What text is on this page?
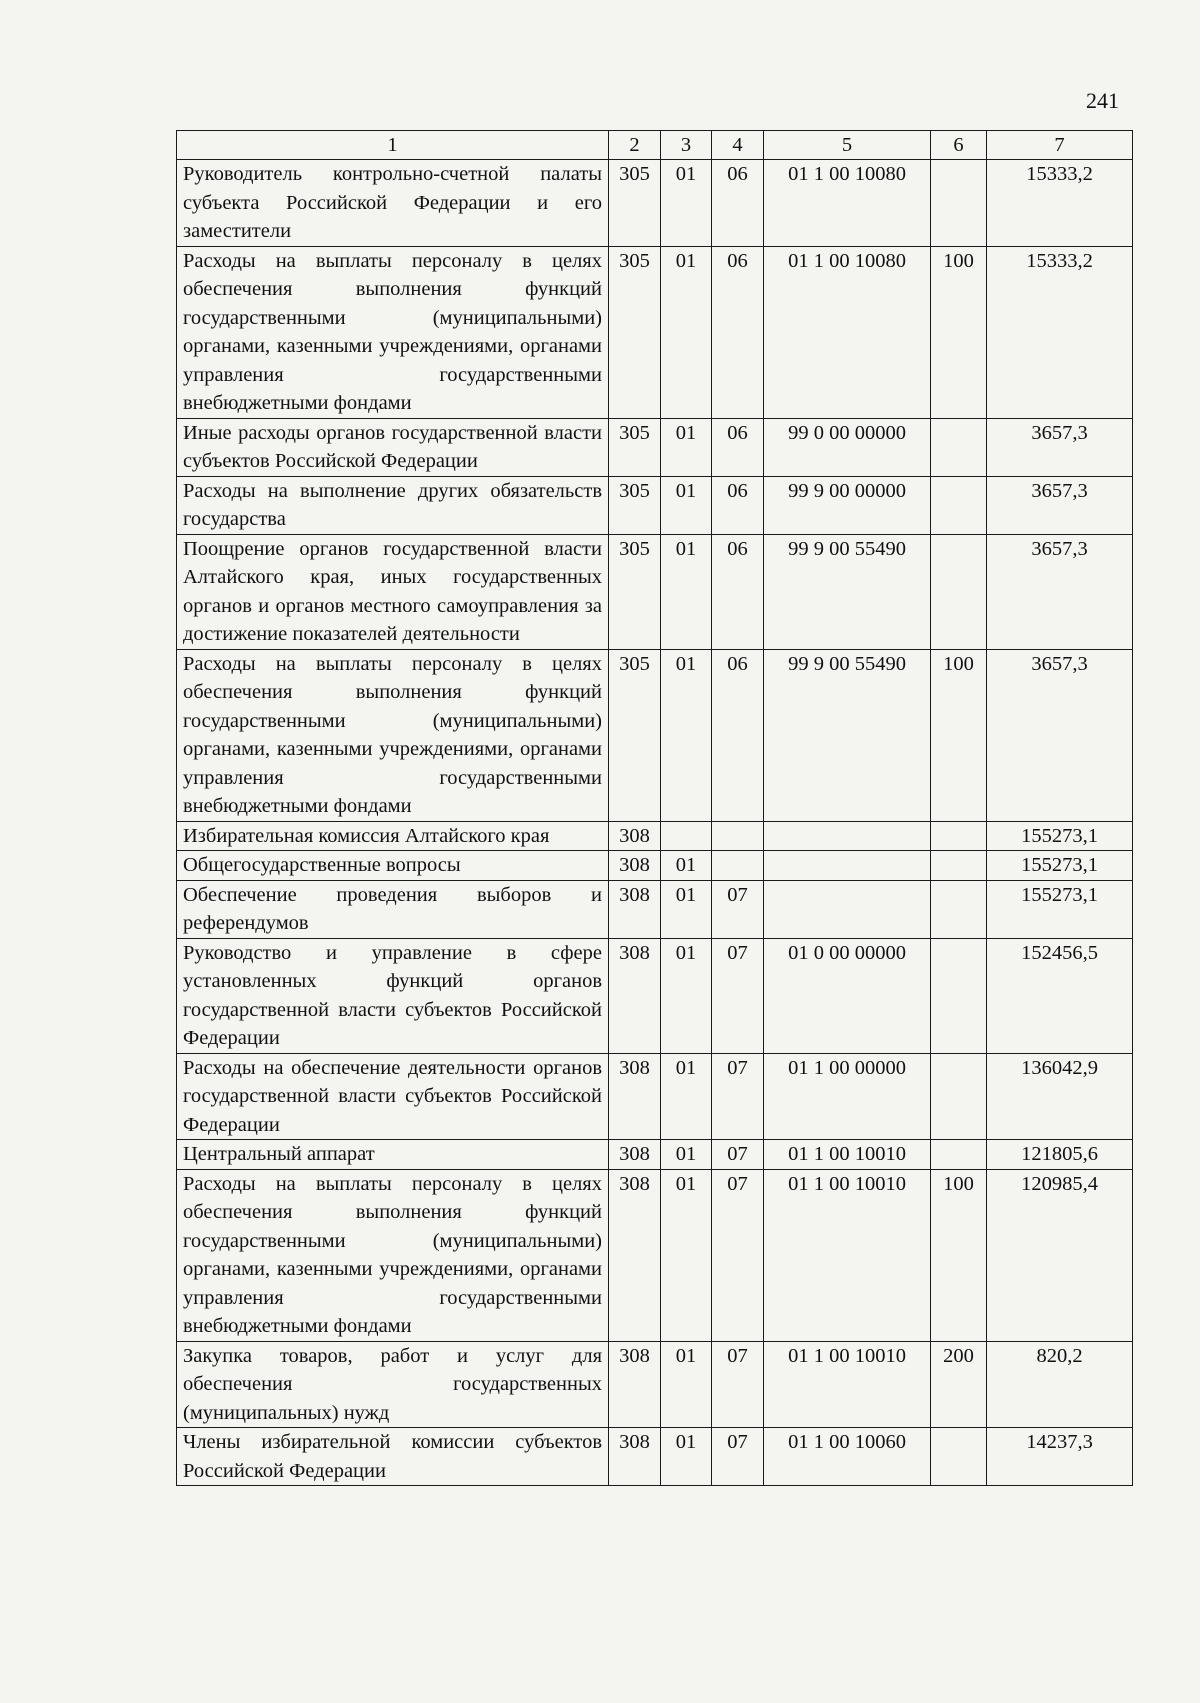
241
1	2	3	4	5	6	7
Руководитель контрольно-счетной палаты субъекта Российской Федерации и его заместители	305	01	06	01 1 00 10080		15333,2
Расходы на выплаты персоналу в целях обеспечения выполнения функций государственными (муниципальными) органами, казенными учреждениями, органами управления государственными внебюджетными фондами	305	01	06	01 1 00 10080	100	15333,2
Иные расходы органов государственной власти субъектов Российской Федерации	305	01	06	99 0 00 00000		3657,3
Расходы на выполнение других обязательств государства	305	01	06	99 9 00 00000		3657,3
Поощрение органов государственной власти Алтайского края, иных государственных органов и органов местного самоуправления за достижение показателей деятельности	305	01	06	99 9 00 55490		3657,3
Расходы на выплаты персоналу в целях обеспечения выполнения функций государственными (муниципальными) органами, казенными учреждениями, органами управления государственными внебюджетными фондами	305	01	06	99 9 00 55490	100	3657,3
Избирательная комиссия Алтайского края	308					155273,1
Общегосударственные вопросы	308	01				155273,1
Обеспечение проведения выборов и референдумов	308	01	07			155273,1
Руководство и управление в сфере установленных функций органов государственной власти субъектов Российской Федерации	308	01	07	01 0 00 00000		152456,5
Расходы на обеспечение деятельности органов государственной власти субъектов Российской Федерации	308	01	07	01 1 00 00000		136042,9
Центральный аппарат	308	01	07	01 1 00 10010		121805,6
Расходы на выплаты персоналу в целях обеспечения выполнения функций государственными (муниципальными) органами, казенными учреждениями, органами управления государственными внебюджетными фондами	308	01	07	01 1 00 10010	100	120985,4
Закупка товаров, работ и услуг для обеспечения государственных (муниципальных) нужд	308	01	07	01 1 00 10010	200	820,2
Члены избирательной комиссии субъектов Российской Федерации	308	01	07	01 1 00 10060		14237,3
